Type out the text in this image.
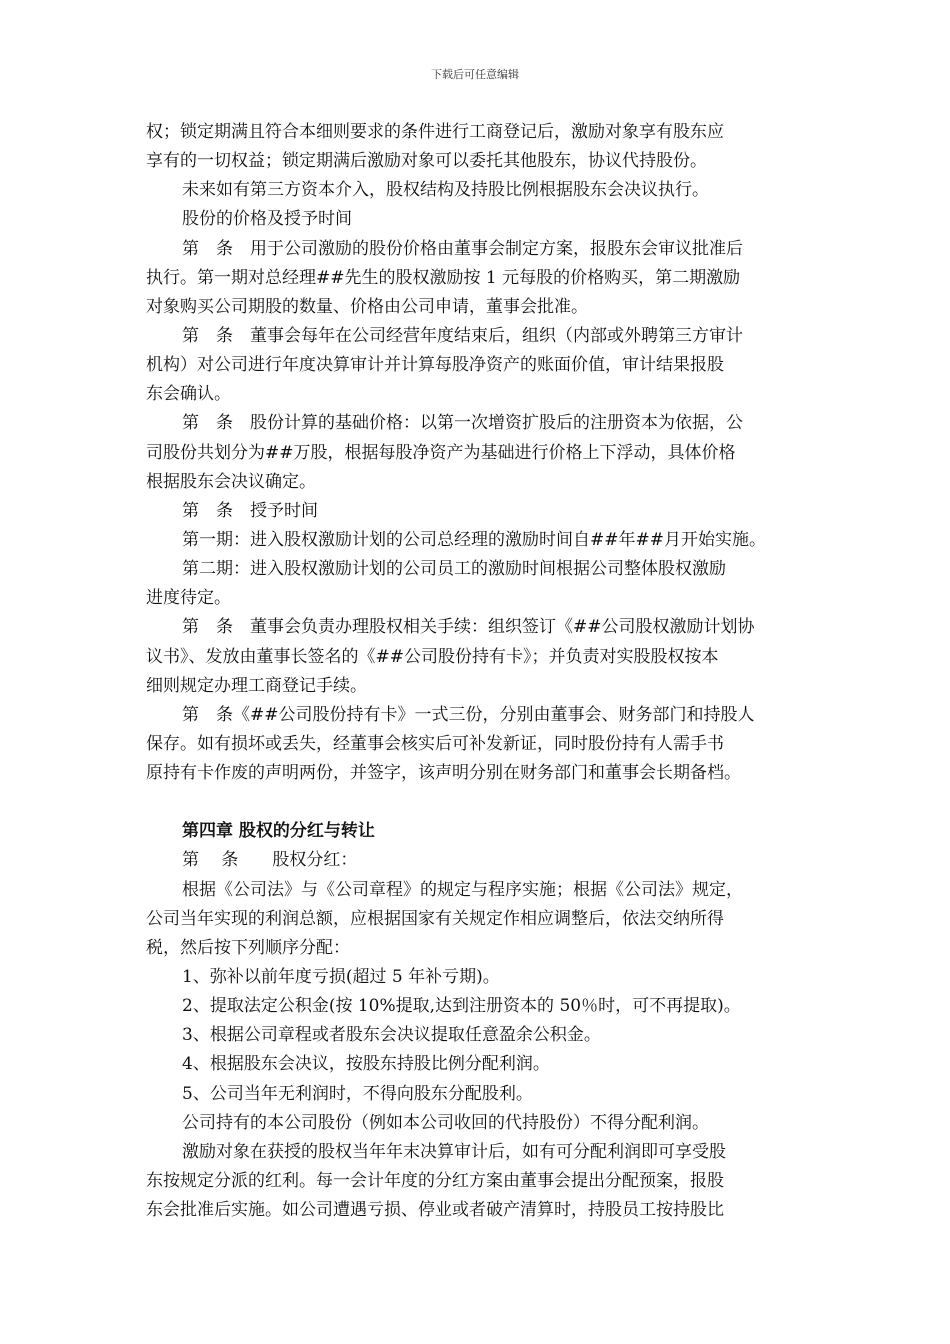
下载后可任意编辑
权；锁定期满且符合本细则要求的条件进行工商登记后，激励对象享有股东应
享有的一切权益；锁定期满后激励对象可以委托其他股东，协议代持股份。
未来如有第三方资本介入，股权结构及持股比例根据股东会决议执行。
股份的价格及授予时间
第　条　用于公司激励的股份价格由董事会制定方案，报股东会审议批准后
执行。第一期对总经理##先生的股权激励按 1 元每股的价格购买，第二期激励
对象购买公司期股的数量、价格由公司申请，董事会批准。
第　条　董事会每年在公司经营年度结束后，组织（内部或外聘第三方审计
机构）对公司进行年度决算审计并计算每股净资产的账面价值，审计结果报股
东会确认。
第　条　股份计算的基础价格：以第一次增资扩股后的注册资本为依据，公
司股份共划分为##万股，根据每股净资产为基础进行价格上下浮动，具体价格
根据股东会决议确定。
第　条　授予时间
第一期：进入股权激励计划的公司总经理的激励时间自##年##月开始实施。
第二期：进入股权激励计划的公司员工的激励时间根据公司整体股权激励
进度待定。
第　条　董事会负责办理股权相关手续：组织签订《##公司股权激励计划协
议书》、发放由董事长签名的《##公司股份持有卡》；并负责对实股股权按本
细则规定办理工商登记手续。
第　条《##公司股份持有卡》一式三份，分别由董事会、财务部门和持股人
保存。如有损坏或丢失，经董事会核实后可补发新证，同时股份持有人需手书
原持有卡作废的声明两份，并签字，该声明分别在财务部门和董事会长期备档。
第四章 股权的分红与转让
第　 条　　股权分红：
根据《公司法》与《公司章程》的规定与程序实施；根据《公司法》规定，
公司当年实现的利润总额，应根据国家有关规定作相应调整后，依法交纳所得
税，然后按下列顺序分配：
1、弥补以前年度亏损(超过 5 年补亏期)。
2、提取法定公积金(按 10%提取,达到注册资本的 50％时，可不再提取)。
3、根据公司章程或者股东会决议提取任意盈余公积金。
4、根据股东会决议，按股东持股比例分配利润。
5、公司当年无利润时，不得向股东分配股利。
公司持有的本公司股份（例如本公司收回的代持股份）不得分配利润。
激励对象在获授的股权当年年末决算审计后，如有可分配利润即可享受股
东按规定分派的红利。每一会计年度的分红方案由董事会提出分配预案，报股
东会批准后实施。如公司遭遇亏损、停业或者破产清算时，持股员工按持股比
